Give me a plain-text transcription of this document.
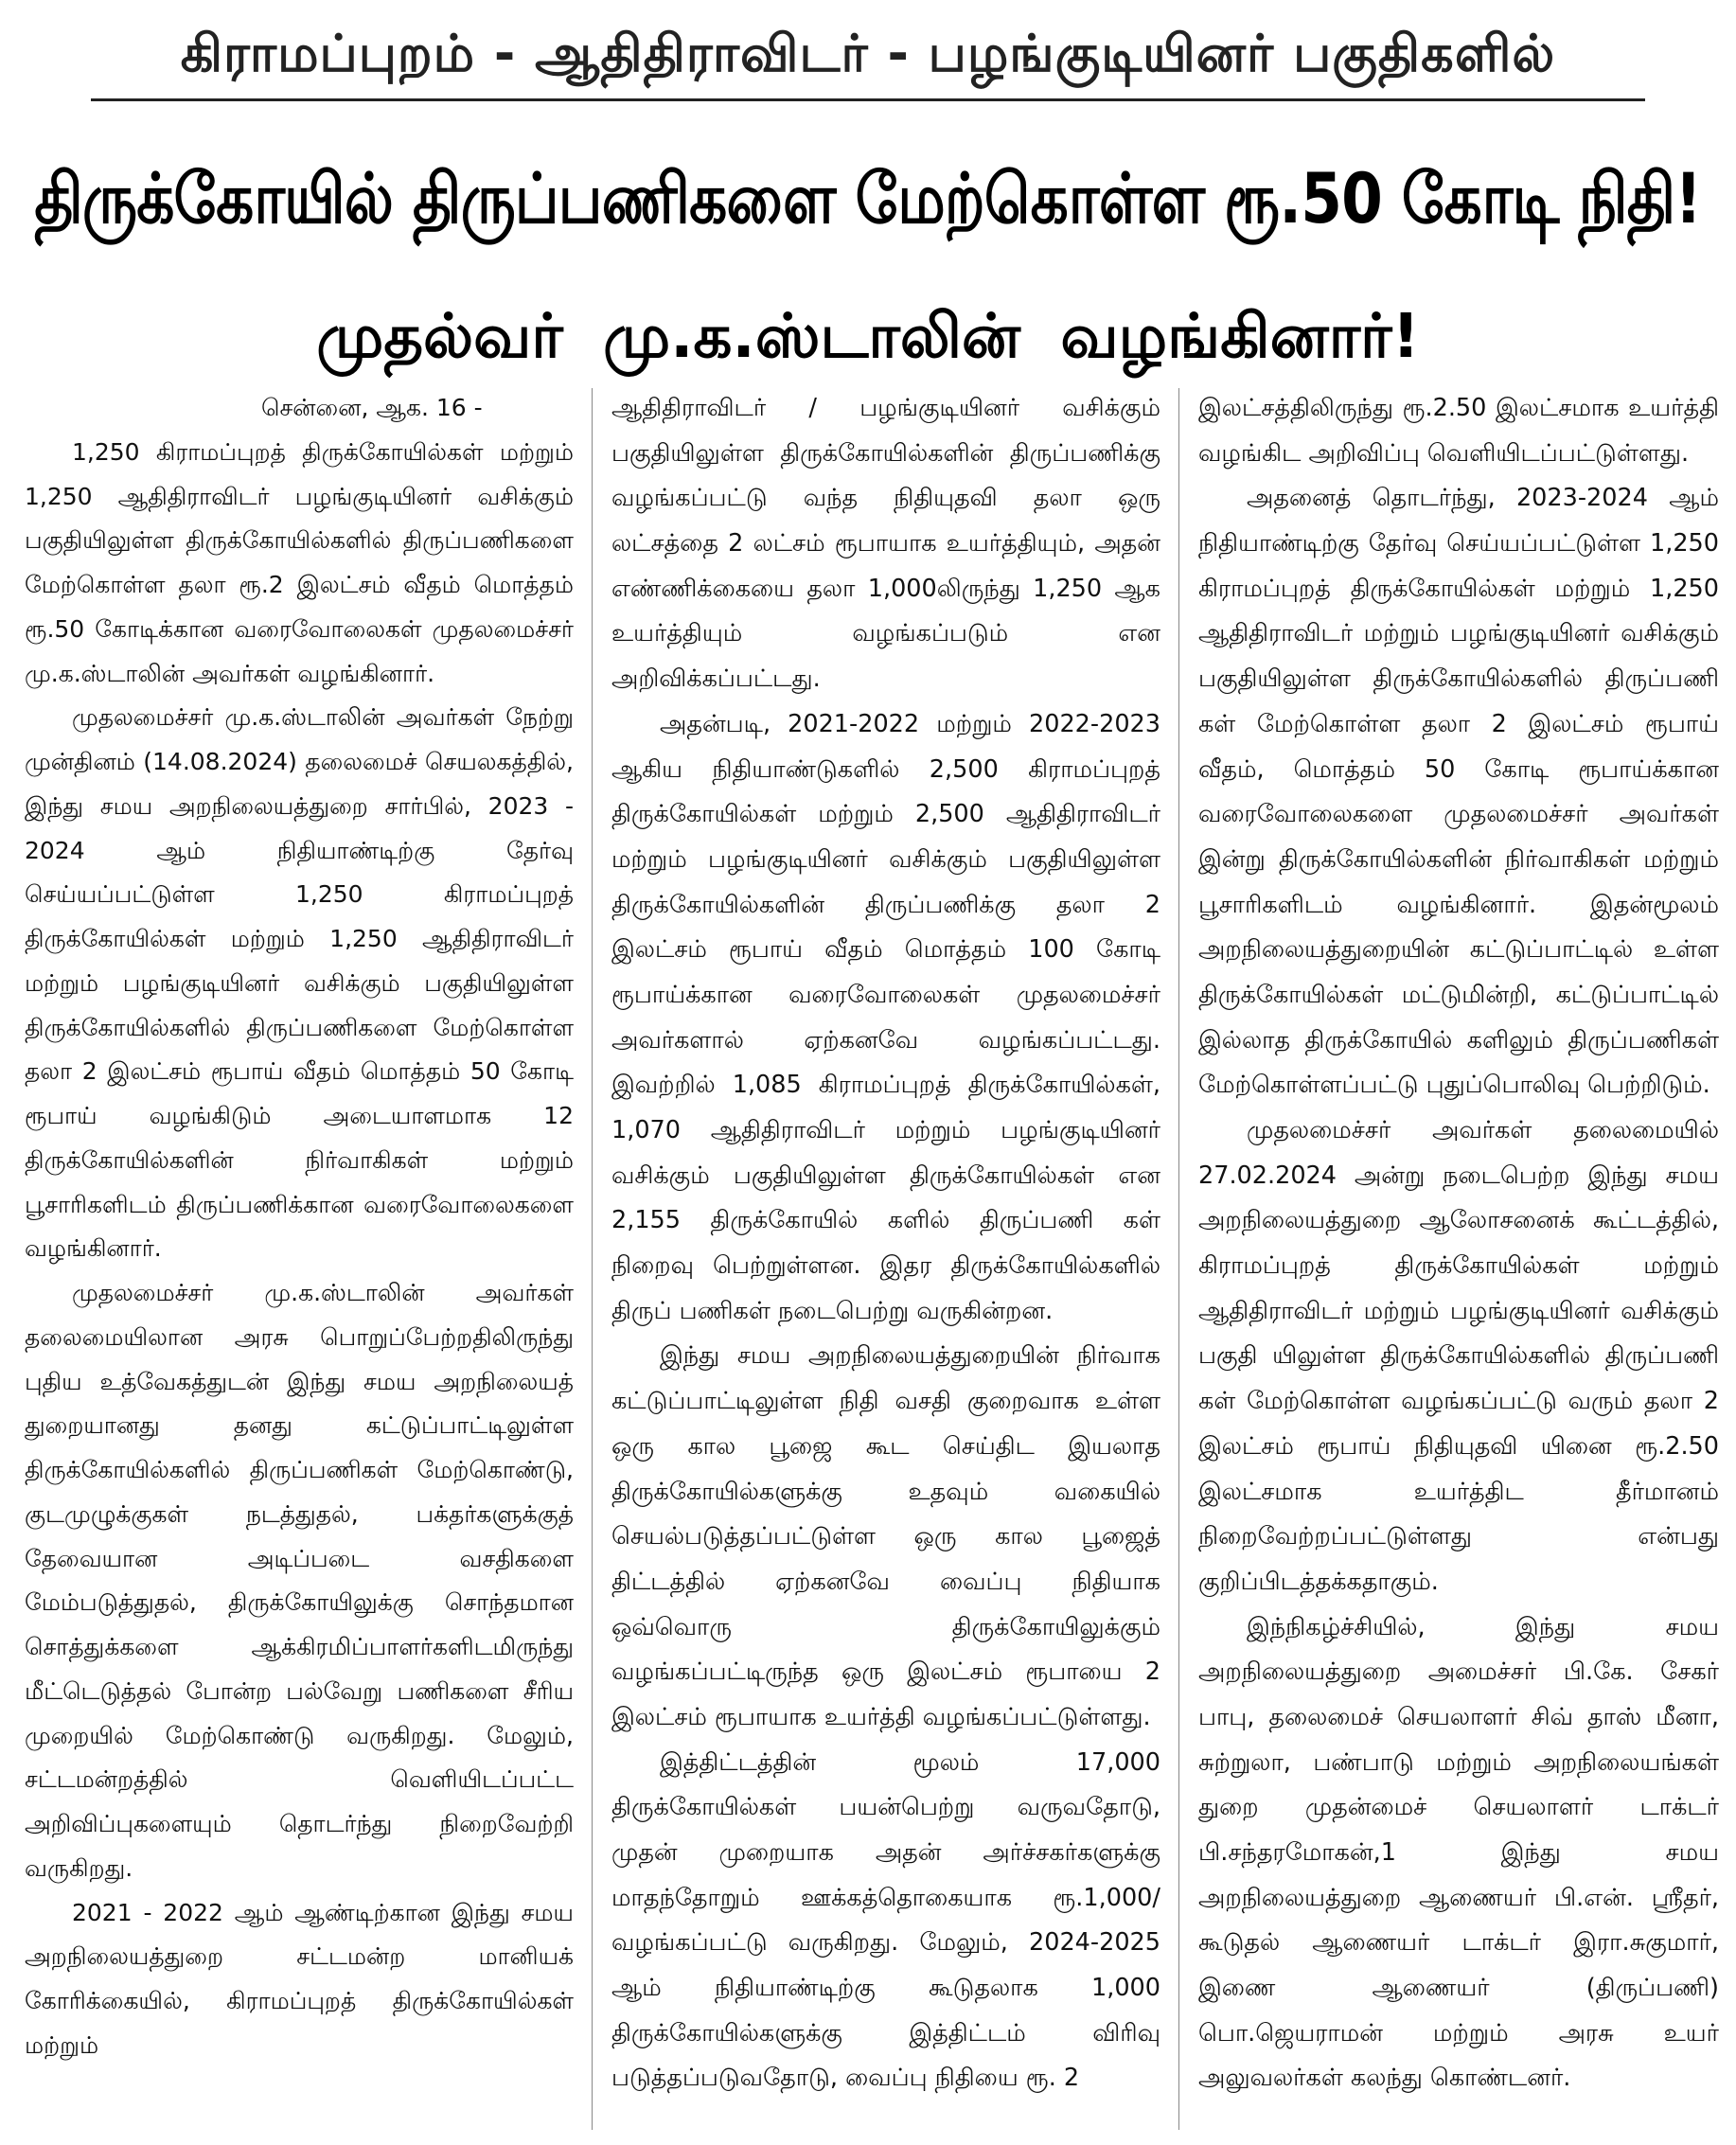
கிராமப்புறம் - ஆதிதிராவிடர் - பழங்குடியினர் பகுதிகளில்
திருக்கோயில் திருப்பணிகளை மேற்கொள்ள ரூ.50 கோடி நிதி!
முதல்வர் மு.க.ஸ்டாலின் வழங்கினார்!

சென்னை, ஆக. 16 -

1,250 கிராமப்புறத் திருக்கோயில்கள் மற்றும் 1,250 ஆதிதிராவிடர் பழங்குடியினர் வசிக்கும் பகுதியிலுள்ள திருக்கோயில்களில் திருப்பணிகளை மேற்கொள்ள தலா ரூ.2 இலட்சம் வீதம் மொத்தம் ரூ.50 கோடிக்கான வரைவோலைகள் முதலமைச்சர் மு.க.ஸ்டாலின் அவர்கள் வழங்கினார்.

முதலமைச்சர் மு.க.ஸ்டாலின் அவர்கள் நேற்று முன்தினம் (14.08.2024) தலைமைச் செயலகத்தில், இந்து சமய அறநிலையத்துறை சார்பில், 2023 - 2024 ஆம் நிதியாண்டிற்கு தேர்வு செய்யப்பட்டுள்ள 1,250 கிராமப்புறத் திருக்கோயில்கள் மற்றும் 1,250 ஆதிதிராவிடர் மற்றும் பழங்குடியினர் வசிக்கும் பகுதியிலுள்ள திருக்கோயில்களில் திருப்பணிகளை மேற்கொள்ள தலா 2 இலட்சம் ரூபாய் வீதம் மொத்தம் 50 கோடி ரூபாய் வழங்கிடும் அடையாளமாக 12 திருக்கோயில்களின் நிர்வாகிகள் மற்றும் பூசாரிகளிடம் திருப்பணிக்கான வரைவோலைகளை வழங்கினார்.

முதலமைச்சர் மு.க.ஸ்டாலின் அவர்கள் தலைமையிலான அரசு பொறுப்பேற்றதிலிருந்து புதிய உத்வேகத்துடன் இந்து சமய அறநிலையத் துறையானது தனது கட்டுப்பாட்டிலுள்ள திருக்கோயில்களில் திருப்பணிகள் மேற்கொண்டு, குடமுழுக்குகள் நடத்துதல், பக்தர்களுக்குத் தேவையான அடிப்படை வசதிகளை மேம்படுத்துதல், திருக்கோயிலுக்கு சொந்தமான சொத்துக்களை ஆக்கிரமிப்பாளர்களிடமிருந்து மீட்டெடுத்தல் போன்ற பல்வேறு பணிகளை சீரிய முறையில் மேற்கொண்டு வருகிறது. மேலும், சட்டமன்றத்தில் வெளியிடப்பட்ட அறிவிப்புகளையும் தொடர்ந்து நிறைவேற்றி வருகிறது.

2021 - 2022 ஆம் ஆண்டிற்கான இந்து சமய அறநிலையத்துறை சட்டமன்ற மானியக் கோரிக்கையில், கிராமப்புறத் திருக்கோயில்கள் மற்றும்

ஆதிதிராவிடர் / பழங்குடியினர் வசிக்கும் பகுதியிலுள்ள திருக்கோயில்களின் திருப்பணிக்கு வழங்கப்பட்டு வந்த நிதியுதவி தலா ஒரு லட்சத்தை 2 லட்சம் ரூபாயாக உயர்த்தியும், அதன் எண்ணிக்கையை தலா 1,000லிருந்து 1,250 ஆக உயர்த்தியும் வழங்கப்படும் என அறிவிக்கப்பட்டது.

அதன்படி, 2021-2022 மற்றும் 2022-2023 ஆகிய நிதியாண்டுகளில் 2,500 கிராமப்புறத் திருக்கோயில்கள் மற்றும் 2,500 ஆதிதிராவிடர் மற்றும் பழங்குடியினர் வசிக்கும் பகுதியிலுள்ள திருக்கோயில்களின் திருப்பணிக்கு தலா 2 இலட்சம் ரூபாய் வீதம் மொத்தம் 100 கோடி ரூபாய்க்கான வரைவோலைகள் முதலமைச்சர் அவர்களால் ஏற்கனவே வழங்கப்பட்டது. இவற்றில் 1,085 கிராமப்புறத் திருக்கோயில்கள், 1,070 ஆதிதிராவிடர் மற்றும் பழங்குடியினர் வசிக்கும் பகுதியிலுள்ள திருக்கோயில்கள் என 2,155 திருக்கோயில் களில் திருப்பணி கள் நிறைவு பெற்றுள்ளன. இதர திருக்கோயில்களில் திருப் பணிகள் நடைபெற்று வருகின்றன.

இந்து சமய அறநிலையத்துறையின் நிர்வாக கட்டுப்பாட்டிலுள்ள நிதி வசதி குறைவாக உள்ள ஒரு கால பூஜை கூட செய்திட இயலாத திருக்கோயில்களுக்கு உதவும் வகையில் செயல்படுத்தப்பட்டுள்ள ஒரு கால பூஜைத் திட்டத்தில் ஏற்கனவே வைப்பு நிதியாக ஒவ்வொரு திருக்கோயிலுக்கும் வழங்கப்பட்டிருந்த ஒரு இலட்சம் ரூபாயை 2 இலட்சம் ரூபாயாக உயர்த்தி வழங்கப்பட்டுள்ளது.

இத்திட்டத்தின் மூலம் 17,000 திருக்கோயில்கள் பயன்பெற்று வருவதோடு, முதன் முறையாக அதன் அர்ச்சகர்களுக்கு மாதந்தோறும் ஊக்கத்தொகையாக ரூ.1,000/ வழங்கப்பட்டு வருகிறது. மேலும், 2024-2025 ஆம் நிதியாண்டிற்கு கூடுதலாக 1,000 திருக்கோயில்களுக்கு இத்திட்டம் விரிவு படுத்தப்படுவதோடு, வைப்பு நிதியை ரூ. 2

இலட்சத்திலிருந்து ரூ.2.50 இலட்சமாக உயர்த்தி வழங்கிட அறிவிப்பு வெளியிடப்பட்டுள்ளது.

அதனைத் தொடர்ந்து, 2023-2024 ஆம் நிதியாண்டிற்கு தேர்வு செய்யப்பட்டுள்ள 1,250 கிராமப்புறத் திருக்கோயில்கள் மற்றும் 1,250 ஆதிதிராவிடர் மற்றும் பழங்குடியினர் வசிக்கும் பகுதியிலுள்ள திருக்கோயில்களில் திருப்பணி கள் மேற்கொள்ள தலா 2 இலட்சம் ரூபாய் வீதம், மொத்தம் 50 கோடி ரூபாய்க்கான வரைவோலைகளை முதலமைச்சர் அவர்கள் இன்று திருக்கோயில்களின் நிர்வாகிகள் மற்றும் பூசாரிகளிடம் வழங்கினார். இதன்மூலம் அறநிலையத்துறையின் கட்டுப்பாட்டில் உள்ள திருக்கோயில்கள் மட்டுமின்றி, கட்டுப்பாட்டில் இல்லாத திருக்கோயில் களிலும் திருப்பணிகள் மேற்கொள்ளப்பட்டு புதுப்பொலிவு பெற்றிடும்.

முதலமைச்சர் அவர்கள் தலைமையில் 27.02.2024 அன்று நடைபெற்ற இந்து சமய அறநிலையத்துறை ஆலோசனைக் கூட்டத்தில், கிராமப்புறத் திருக்கோயில்கள் மற்றும் ஆதிதிராவிடர் மற்றும் பழங்குடியினர் வசிக்கும் பகுதி யிலுள்ள திருக்கோயில்களில் திருப்பணி கள் மேற்கொள்ள வழங்கப்பட்டு வரும் தலா 2 இலட்சம் ரூபாய் நிதியுதவி யினை ரூ.2.50 இலட்சமாக உயர்த்திட தீர்மானம் நிறைவேற்றப்பட்டுள்ளது என்பது குறிப்பிடத்தக்கதாகும்.

இந்நிகழ்ச்சியில், இந்து சமய அறநிலையத்துறை அமைச்சர் பி.கே. சேகர் பாபு, தலைமைச் செயலாளர் சிவ் தாஸ் மீனா, சுற்றுலா, பண்பாடு மற்றும் அறநிலையங்கள் துறை முதன்மைச் செயலாளர் டாக்டர் பி.சந்தரமோகன்,1 இந்து சமய அறநிலையத்துறை ஆணையர் பி.என். ஸ்ரீதர், கூடுதல் ஆணையர் டாக்டர் இரா.சுகுமார், இணை ஆணையர் (திருப்பணி) பொ.ஜெயராமன் மற்றும் அரசு உயர் அலுவலர்கள் கலந்து கொண்டனர்.
